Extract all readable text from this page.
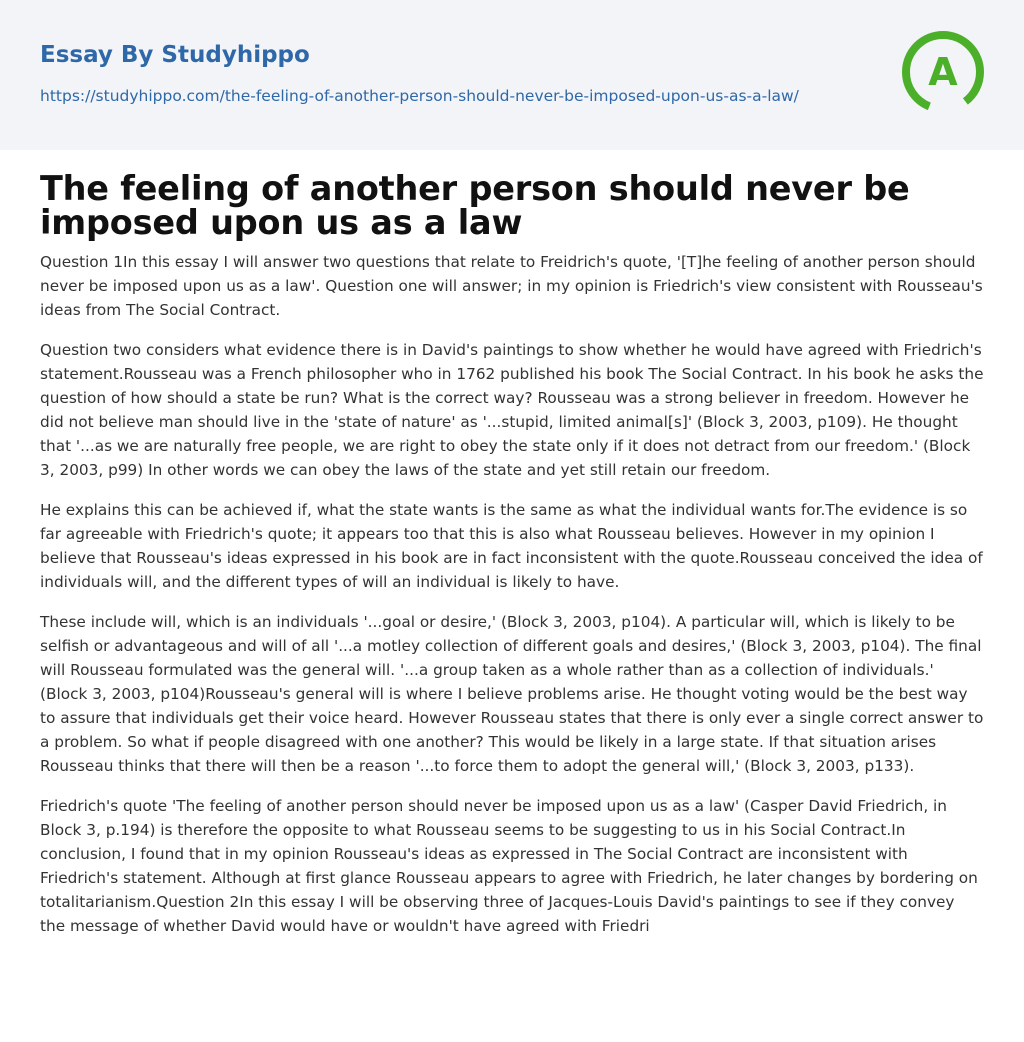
Essay By Studyhippo
https://studyhippo.com/the-feeling-of-another-person-should-never-be-imposed-upon-us-as-a-law/
A
The feeling of another person should never be imposed upon us as a law

Question 1In this essay I will answer two questions that relate to Freidrich's quote, '[T]he feeling of another person should never be imposed upon us as a law'. Question one will answer; in my opinion is Friedrich's view consistent with Rousseau's ideas from The Social Contract.

Question two considers what evidence there is in David's paintings to show whether he would have agreed with Friedrich's statement.Rousseau was a French philosopher who in 1762 published his book The Social Contract. In his book he asks the question of how should a state be run? What is the correct way? Rousseau was a strong believer in freedom. However he did not believe man should live in the 'state of nature' as '...stupid, limited animal[s]' (Block 3, 2003, p109). He thought that '...as we are naturally free people, we are right to obey the state only if it does not detract from our freedom.' (Block 3, 2003, p99) In other words we can obey the laws of the state and yet still retain our freedom.

He explains this can be achieved if, what the state wants is the same as what the individual wants for.The evidence is so far agreeable with Friedrich's quote; it appears too that this is also what Rousseau believes. However in my opinion I believe that Rousseau's ideas expressed in his book are in fact inconsistent with the quote.Rousseau conceived the idea of individuals will, and the different types of will an individual is likely to have.

These include will, which is an individuals '...goal or desire,' (Block 3, 2003, p104). A particular will, which is likely to be selfish or advantageous and will of all '...a motley collection of different goals and desires,' (Block 3, 2003, p104). The final will Rousseau formulated was the general will. '...a group taken as a whole rather than as a collection of individuals.' (Block 3, 2003, p104)Rousseau's general will is where I believe problems arise. He thought voting would be the best way to assure that individuals get their voice heard. However Rousseau states that there is only ever a single correct answer to a problem. So what if people disagreed with one another? This would be likely in a large state. If that situation arises Rousseau thinks that there will then be a reason '...to force them to adopt the general will,' (Block 3, 2003, p133).

Friedrich's quote 'The feeling of another person should never be imposed upon us as a law' (Casper David Friedrich, in Block 3, p.194) is therefore the opposite to what Rousseau seems to be suggesting to us in his Social Contract.In conclusion, I found that in my opinion Rousseau's ideas as expressed in The Social Contract are inconsistent with Friedrich's statement. Although at first glance Rousseau appears to agree with Friedrich, he later changes by bordering on totalitarianism.Question 2In this essay I will be observing three of Jacques-Louis David's paintings to see if they convey the message of whether David would have or wouldn't have agreed with Friedri
